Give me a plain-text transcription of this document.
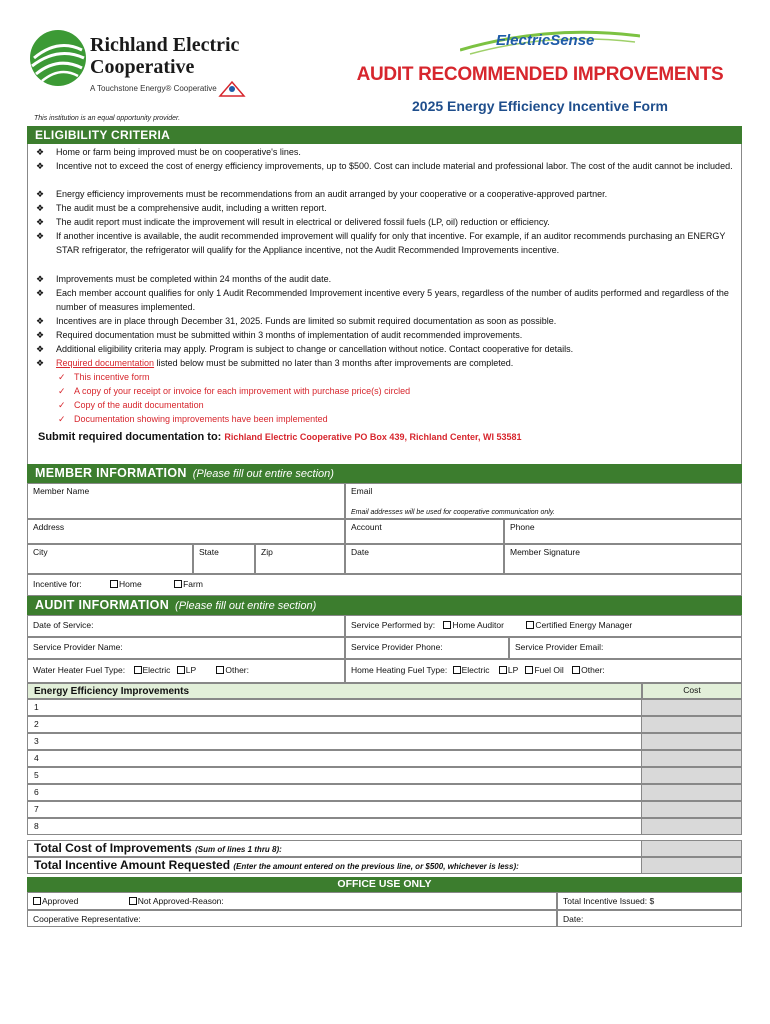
Richland Electric
Cooperative
A Touchstone Energy® Cooperative
ElectricSense
AUDIT RECOMMENDED IMPROVEMENTS
2025 Energy Efficiency Incentive Form
This institution is an equal opportunity provider.
ELIGIBILITY CRITERIA
❖ Home or farm being improved must be on cooperative's lines.
❖ Incentive not to exceed the cost of energy efficiency improvements, up to $500. Cost can include material and professional labor. The cost of the audit cannot be included.
❖ Energy efficiency improvements must be recommendations from an audit arranged by your cooperative or a cooperative-approved partner.
❖ The audit must be a comprehensive audit, including a written report.
❖ The audit report must indicate the improvement will result in electrical or delivered fossil fuels (LP, oil) reduction or efficiency.
❖ If another incentive is available, the audit recommended improvement will qualify for only that incentive. For example, if an auditor recommends purchasing an ENERGY STAR refrigerator, the refrigerator will qualify for the Appliance incentive, not the Audit Recommended Improvements incentive.
❖ Improvements must be completed within 24 months of the audit date.
❖ Each member account qualifies for only 1 Audit Recommended Improvement incentive every 5 years, regardless of the number of audits performed and regardless of the number of measures implemented.
❖ Incentives are in place through December 31, 2025. Funds are limited so submit required documentation as soon as possible.
❖ Required documentation must be submitted within 3 months of implementation of audit recommended improvements.
❖ Additional eligibility criteria may apply. Program is subject to change or cancellation without notice. Contact cooperative for details.
❖ Required documentation listed below must be submitted no later than 3 months after improvements are completed.
✓ This incentive form
✓ A copy of your receipt or invoice for each improvement with purchase price(s) circled
✓ Copy of the audit documentation
✓ Documentation showing improvements have been implemented
Submit required documentation to: Richland Electric Cooperative PO Box 439, Richland Center, WI 53581
MEMBER INFORMATION (Please fill out entire section)
Member Name	Email
Email addresses will be used for cooperative communication only.
Address	Account	Phone
City	State	Zip	Date	Member Signature
Incentive for:	Home	Farm
AUDIT INFORMATION (Please fill out entire section)
Date of Service:	Service Performed by: Home Auditor	Certified Energy Manager
Service Provider Name:	Service Provider Phone:	Service Provider Email:
Water Heater Fuel Type: Electric LP	Other:	Home Heating Fuel Type: Electric LP Fuel Oil Other:
Energy Efficiency Improvements	Cost
1
2
3
4
5
6
7
8
Total Cost of Improvements (Sum of lines 1 thru 8):
Total Incentive Amount Requested (Enter the amount entered on the previous line, or $500, whichever is less):
OFFICE USE ONLY
Approved	Not Approved-Reason:	Total Incentive Issued: $
Cooperative Representative:	Date:
